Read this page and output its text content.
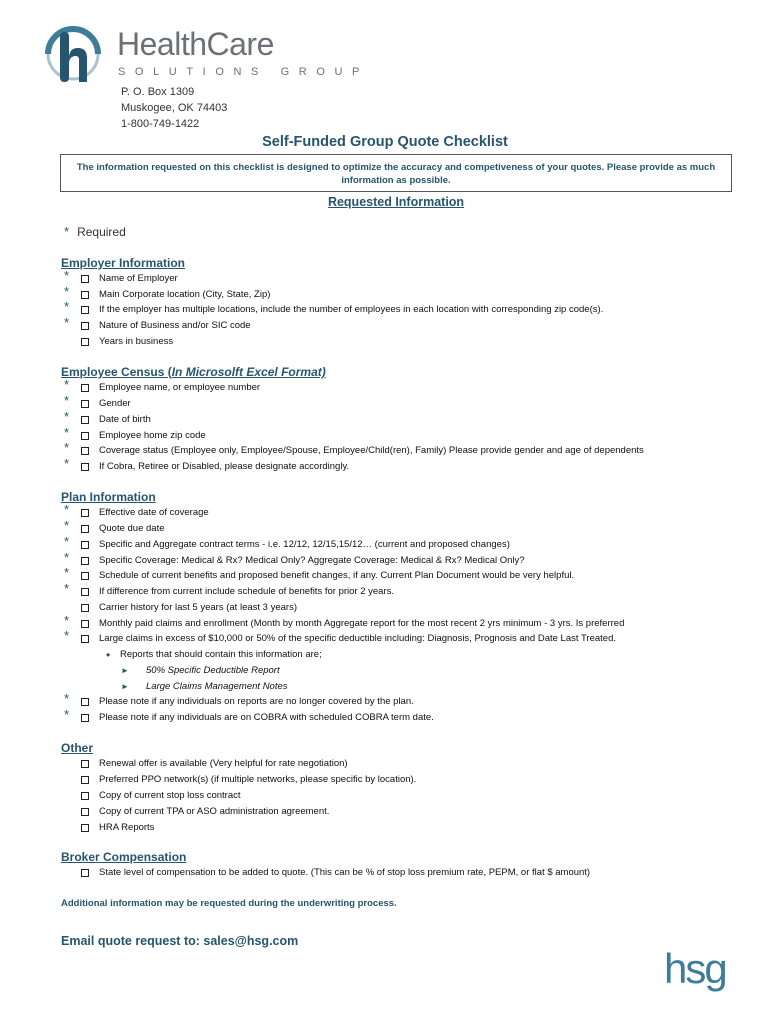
HealthCare
SOLUTIONS GROUP
P. O. Box 1309
Muskogee, OK 74403
1-800-749-1422
Self-Funded Group Quote Checklist
The information requested on this checklist is designed to optimize the accuracy and competiveness of your quotes. Please provide as much information as possible.
Requested Information
* Required
Employer Information
*	Name of Employer
*	Main Corporate location (City, State, Zip)
*	If the employer has multiple locations, include the number of employees in each location with corresponding zip code(s).
*	Nature of Business and/or SIC code
Years in business
Employee Census (In Microsolft Excel Format)
*	Employee name, or employee number
*	Gender
*	Date of birth
*	Employee home zip code
*	Coverage status (Employee only, Employee/Spouse, Employee/Child(ren), Family) Please provide gender and age of dependents
*	If Cobra, Retiree or Disabled, please designate accordingly.
Plan Information
*	Effective date of coverage
*	Quote due date
*	Specific and Aggregate contract terms - i.e. 12/12, 12/15,15/12… (current and proposed changes)
*	Specific Coverage: Medical & Rx? Medical Only? Aggregate Coverage: Medical & Rx? Medical Only?
*	Schedule of current benefits and proposed benefit changes, if any. Current Plan Document would be very helpful.
*	If difference from current include schedule of benefits for prior 2 years.
Carrier history for last 5 years (at least 3 years)
*	Monthly paid claims and enrollment (Month by month Aggregate report for the most recent 2 yrs minimum - 3 yrs. Is preferred
*	Large claims in excess of $10,000 or 50% of the specific deductible including: Diagnosis, Prognosis and Date Last Treated.
• Reports that should contain this information are;
► 50% Specific Deductible Report
► Large Claims Management Notes
*	Please note if any individuals on reports are no longer covered by the plan.
*	Please note if any individuals are on COBRA with scheduled COBRA term date.
Other
Renewal offer is available (Very helpful for rate negotiation)
Preferred PPO network(s) (if multiple networks, please specific by location).
Copy of current stop loss contract
Copy of current TPA or ASO administration agreement.
HRA Reports
Broker Compensation
State level of compensation to be added to quote. (This can be % of stop loss premium rate, PEPM, or flat $ amount)
Additional information may be requested during the underwriting process.
Email quote request to: sales@hsg.com
hsg
